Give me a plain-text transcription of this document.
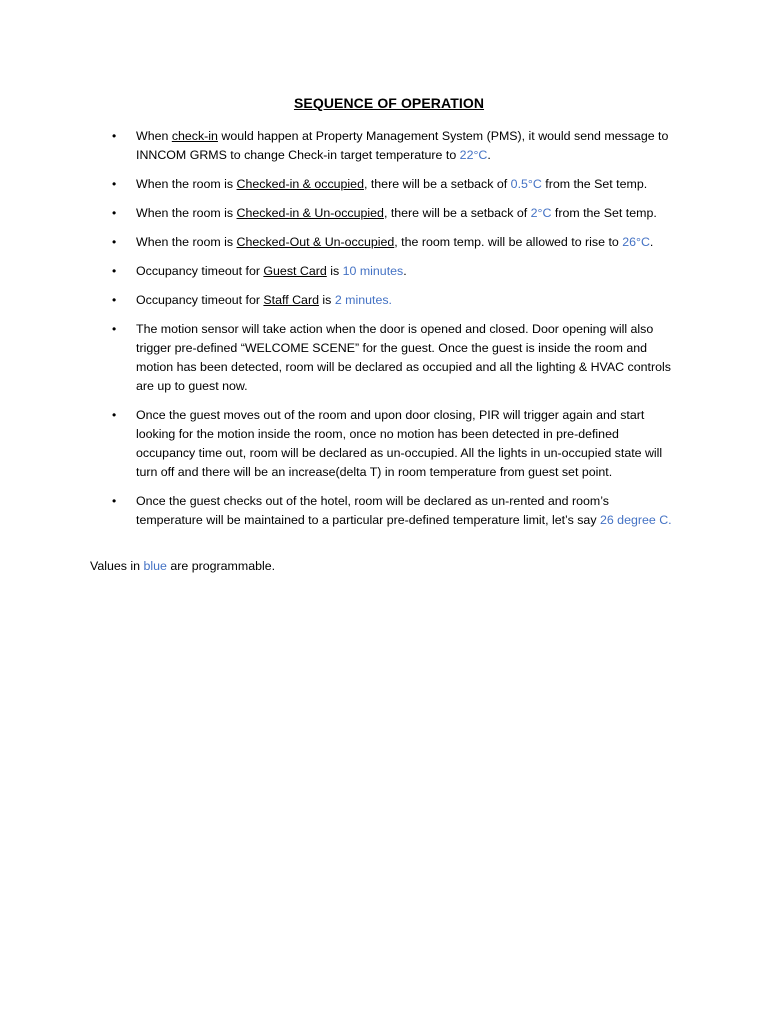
SEQUENCE OF OPERATION
•	When check-in would happen at Property Management System (PMS), it would send message to INNCOM GRMS to change Check-in target temperature to 22°C.
•	When the room is Checked-in & occupied, there will be a setback of 0.5°C from the Set temp.
•	When the room is Checked-in & Un-occupied, there will be a setback of 2°C from the Set temp.
•	When the room is Checked-Out & Un-occupied, the room temp. will be allowed to rise to 26°C.
•	Occupancy timeout for Guest Card is 10 minutes.
•	Occupancy timeout for Staff Card is 2 minutes.
•	The motion sensor will take action when the door is opened and closed. Door opening will also trigger pre-defined “WELCOME SCENE” for the guest. Once the guest is inside the room and motion has been detected, room will be declared as occupied and all the lighting & HVAC controls are up to guest now.
•	Once the guest moves out of the room and upon door closing, PIR will trigger again and start looking for the motion inside the room, once no motion has been detected in pre-defined occupancy time out, room will be declared as un-occupied. All the lights in un-occupied state will turn off and there will be an increase(delta T) in room temperature from guest set point.
•	Once the guest checks out of the hotel, room will be declared as un-rented and room’s temperature will be maintained to a particular pre-defined temperature limit, let’s say 26 degree C.
Values in blue are programmable.
